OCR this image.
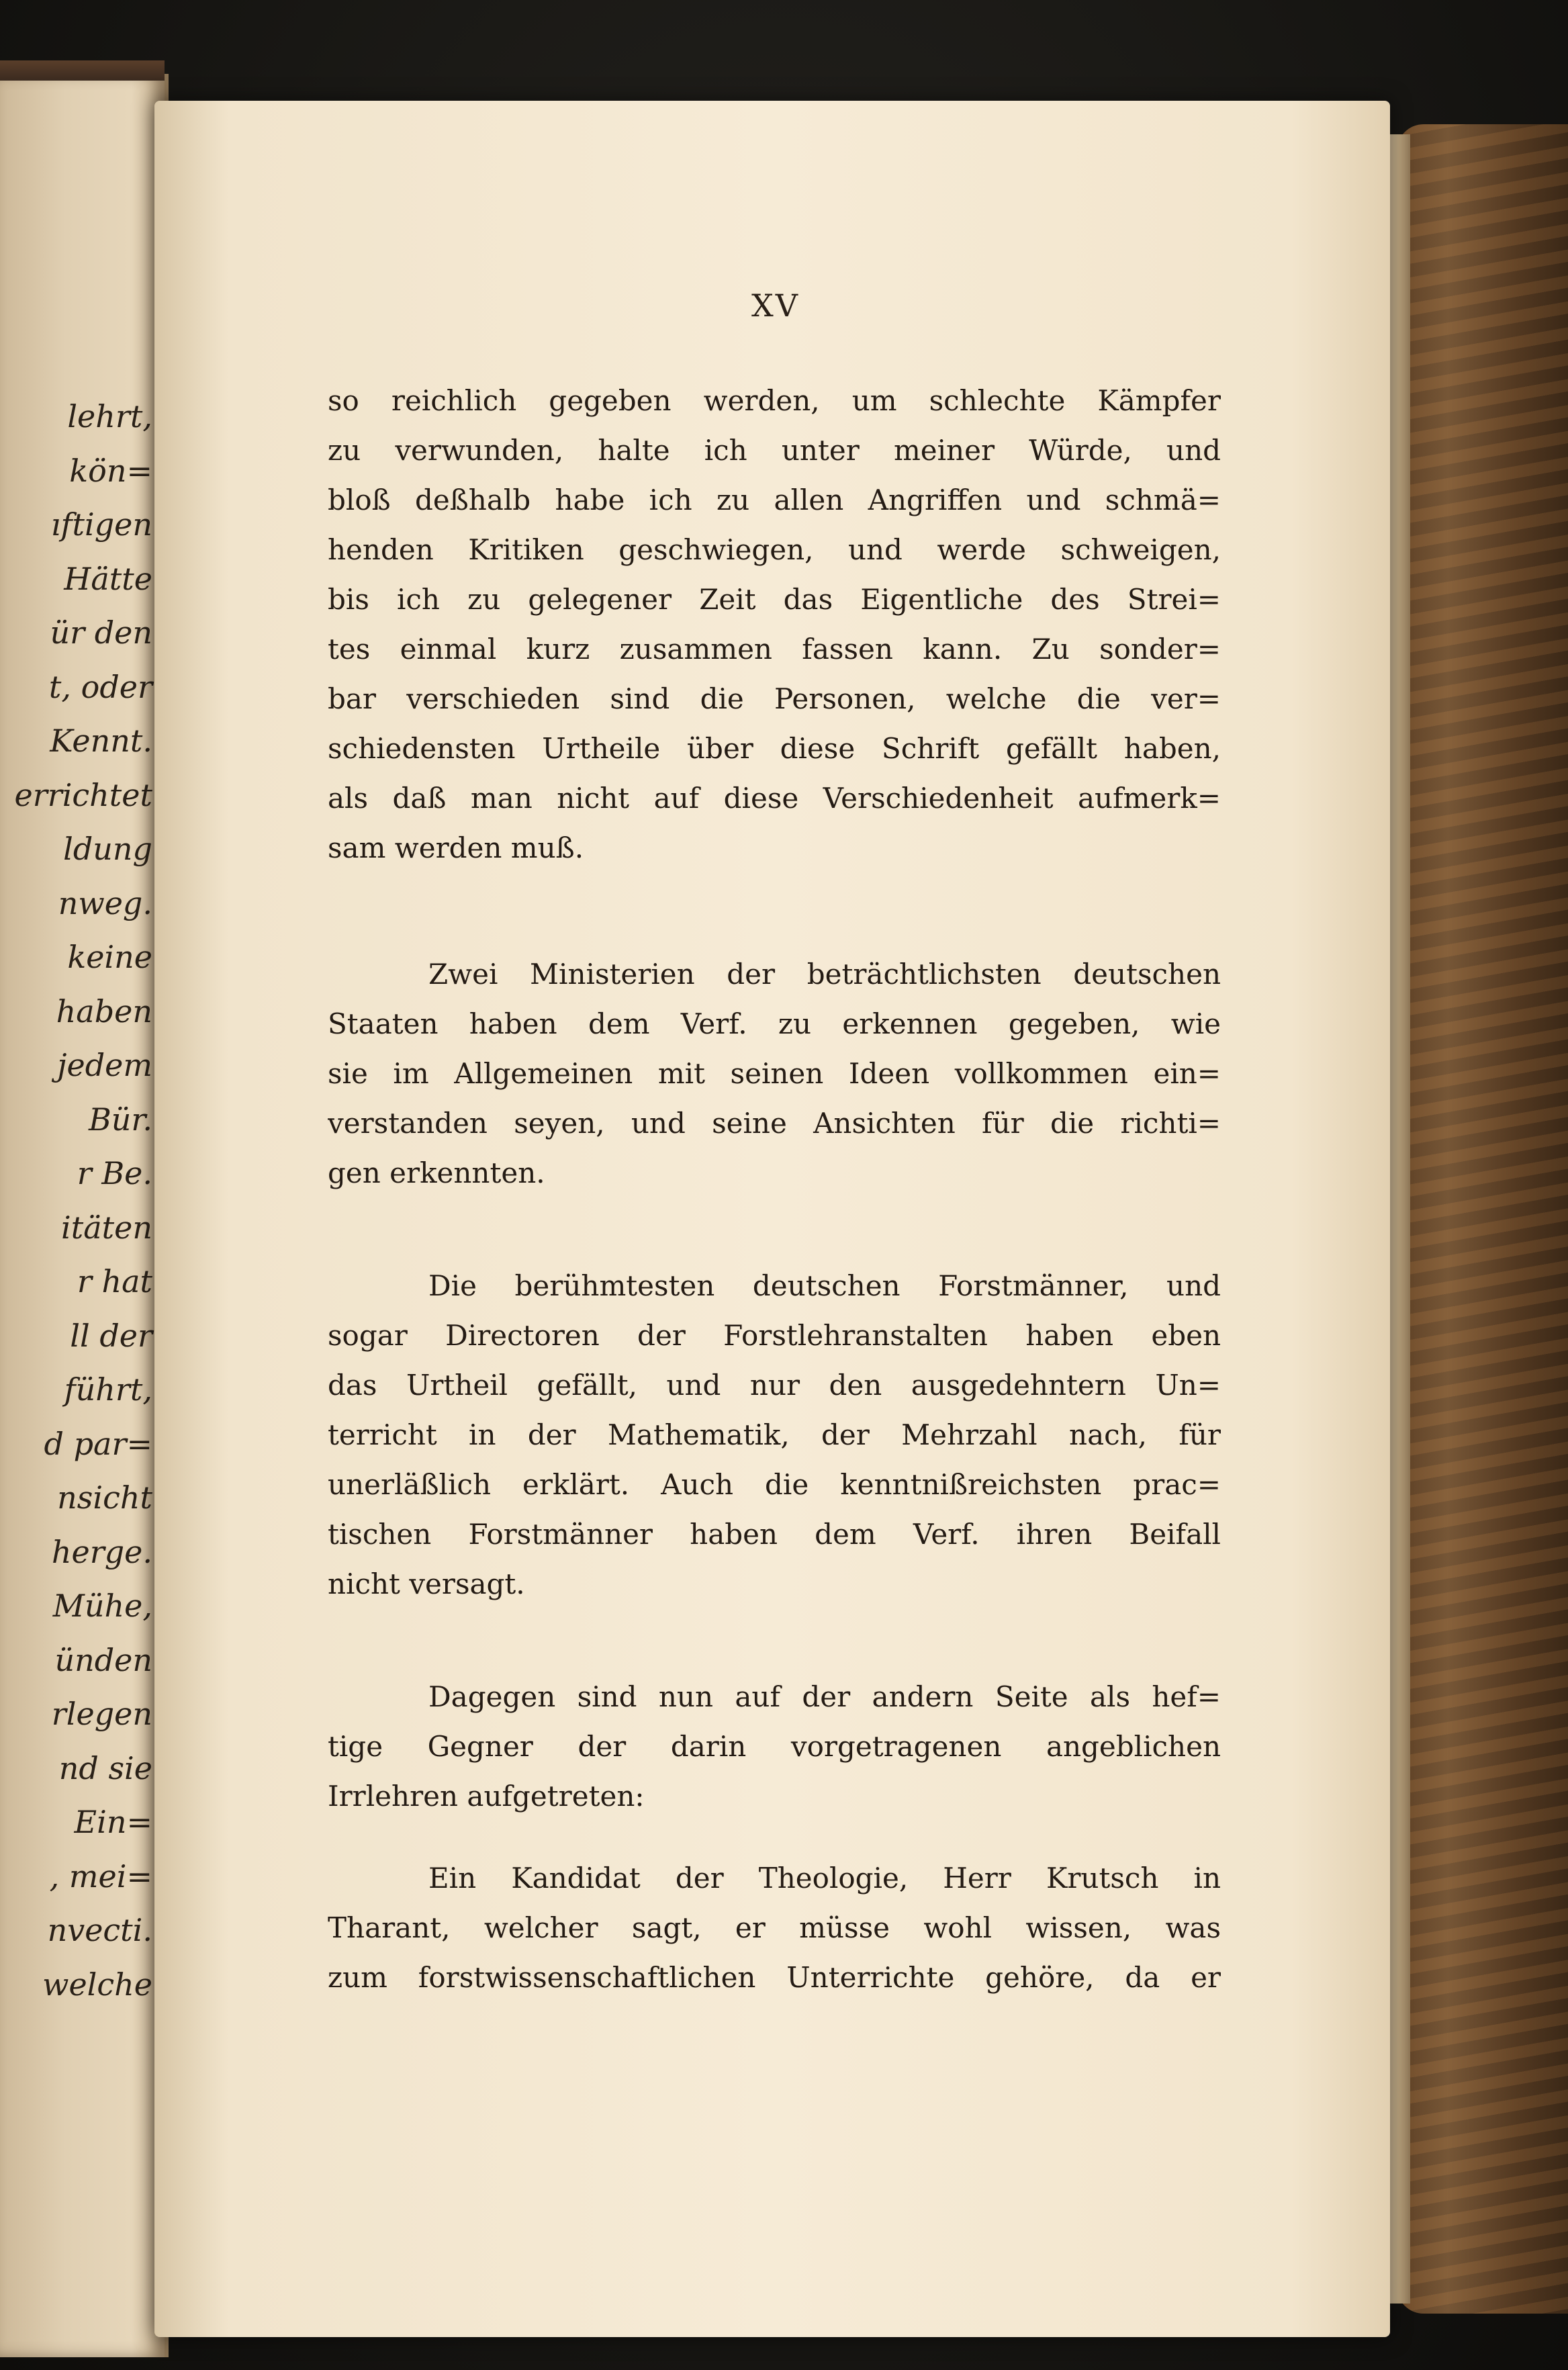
lehrt,
kön=
ıftigen
Hätte
ür den
t, oder
Kennt.
errichtet
ldung
nweg.
keine
haben
jedem
Bür.
r Be.
itäten
r hat
ll der
führt,
d par=
nsicht
herge.
Mühe,
ünden
rlegen
nd sie
Ein=
, mei=
nvecti.
welche
XV
so reichlich gegeben werden, um schlechte Kämpfer
zu verwunden, halte ich unter meiner Würde, und
bloß deßhalb habe ich zu allen Angriffen und schmä=
henden Kritiken geschwiegen, und werde schweigen,
bis ich zu gelegener Zeit das Eigentliche des Strei=
tes einmal kurz zusammen fassen kann. Zu sonder=
bar verschieden sind die Personen, welche die ver=
schiedensten Urtheile über diese Schrift gefällt haben,
als daß man nicht auf diese Verschiedenheit aufmerk=
sam werden muß.
Zwei Ministerien der beträchtlichsten deutschen
Staaten haben dem Verf. zu erkennen gegeben, wie
sie im Allgemeinen mit seinen Ideen vollkommen ein=
verstanden seyen, und seine Ansichten für die richti=
gen erkennten.
Die berühmtesten deutschen Forstmänner, und
sogar Directoren der Forstlehranstalten haben eben
das Urtheil gefällt, und nur den ausgedehntern Un=
terricht in der Mathematik, der Mehrzahl nach, für
unerläßlich erklärt. Auch die kenntnißreichsten prac=
tischen Forstmänner haben dem Verf. ihren Beifall
nicht versagt.
Dagegen sind nun auf der andern Seite als hef=
tige Gegner der darin vorgetragenen angeblichen
Irrlehren aufgetreten:
Ein Kandidat der Theologie, Herr Krutsch in
Tharant, welcher sagt, er müsse wohl wissen, was
zum forstwissenschaftlichen Unterrichte gehöre, da er
